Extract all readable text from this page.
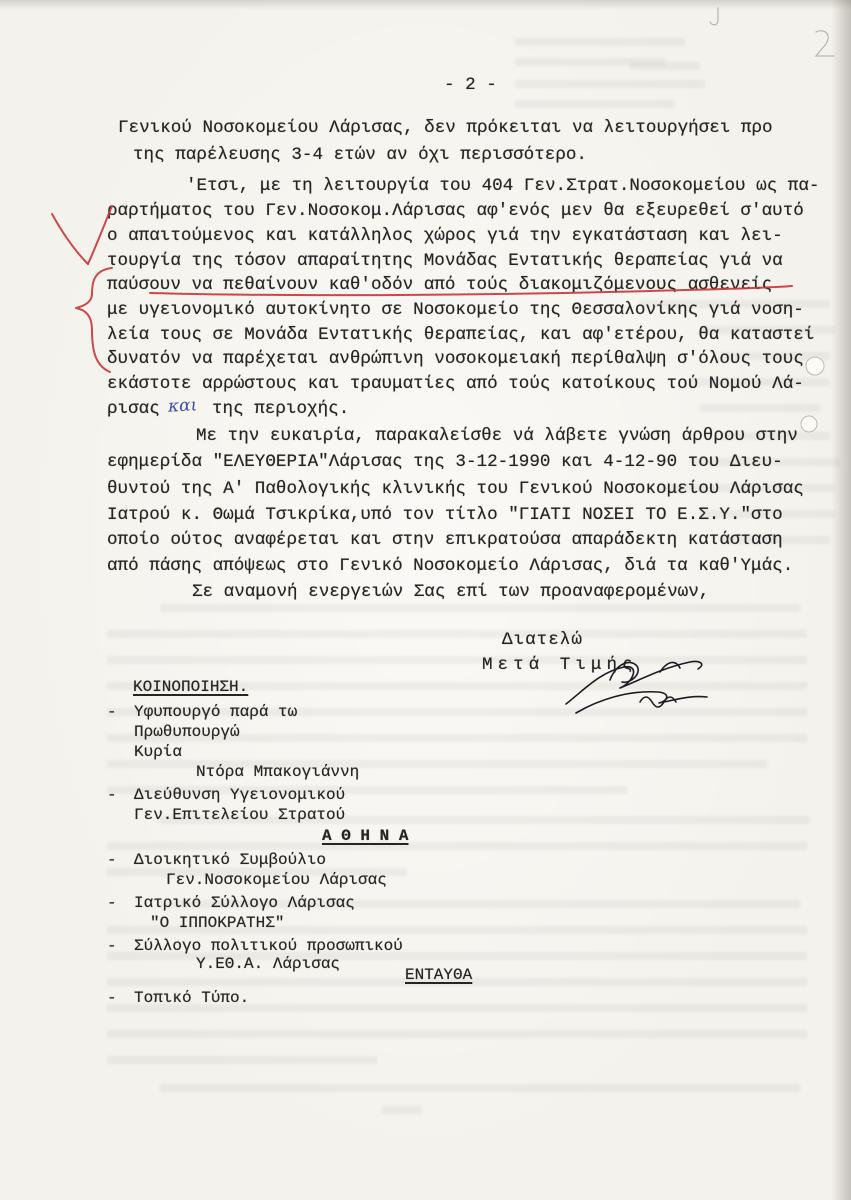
- 2 -
Γενικού Νοσοκομείου Λάρισας, δεν πρόκειται να λειτουργήσει προ
της παρέλευσης 3-4 ετών αν όχι περισσότερο.
'Ετσι, με τη λειτουργία του 404 Γεν.Στρατ.Νοσοκομείου ως πα-
ραρτήματος του Γεν.Νοσοκομ.Λάρισας αφ'ενός μεν θα εξευρεθεί σ'αυτό
ο απαιτούμενος και κατάλληλος χώρος γιά την εγκατάσταση και λει-
τουργία της τόσον απαραίτητης Μονάδας Εντατικής θεραπείας γιά να
παύσουν να πεθαίνουν καθ'οδόν από τούς διακομιζόμενους ασθενείς
με υγειονομικό αυτοκίνητο σε Νοσοκομείο της Θεσσαλονίκης γιά νοση-
λεία τους σε Μονάδα Εντατικής θεραπείας, και αφ'ετέρου, θα καταστεί
δυνατόν να παρέχεται ανθρώπινη νοσοκομειακή περίθαλψη σ'όλους τους
εκάστοτε αρρώστους και τραυματίες από τούς κατοίκους τού Νομού Λά-
ρισας και της περιοχής.
Με την ευκαιρία, παρακαλείσθε νά λάβετε γνώση άρθρου στην
εφημερίδα "ΕΛΕΥΘΕΡΙΑ"Λάρισας της 3-12-1990 και 4-12-90 του Διευ-
θυντού της Α' Παθολογικής κλινικής του Γενικού Νοσοκομείου Λάρισας
Ιατρού κ. Θωμά Τσικρίκα,υπό τον τίτλο "ΓΙΑΤΙ ΝΟΣΕΙ ΤΟ Ε.Σ.Υ."στο
οποίο ούτος αναφέρεται και στην επικρατούσα απαράδεκτη κατάσταση
από πάσης απόψεως στο Γενικό Νοσοκομείο Λάρισας, διά τα καθ'Υμάς.
Σε αναμονή ενεργειών Σας επί των προαναφερομένων,
Διατελώ
Μετά Τιμής
ΚΟΙΝΟΠΟΙΗΣΗ.
- Υφυπουργό παρά τω
Πρωθυπουργώ
Κυρία
Ντόρα Μπακογιάννη
- Διεύθυνση Υγειονομικού
Γεν.Επιτελείου Στρατού
Α Θ Η Ν Α
- Διοικητικό Συμβούλιο
Γεν.Νοσοκομείου Λάρισας
- Ιατρικό Σύλλογο Λάρισας
"Ο ΙΠΠΟΚΡΑΤΗΣ"
- Σύλλογο πολιτικού προσωπικού
Υ.ΕΘ.Α. Λάρισας
ΕΝΤΑΥΘΑ
- Τοπικό Τύπο.
